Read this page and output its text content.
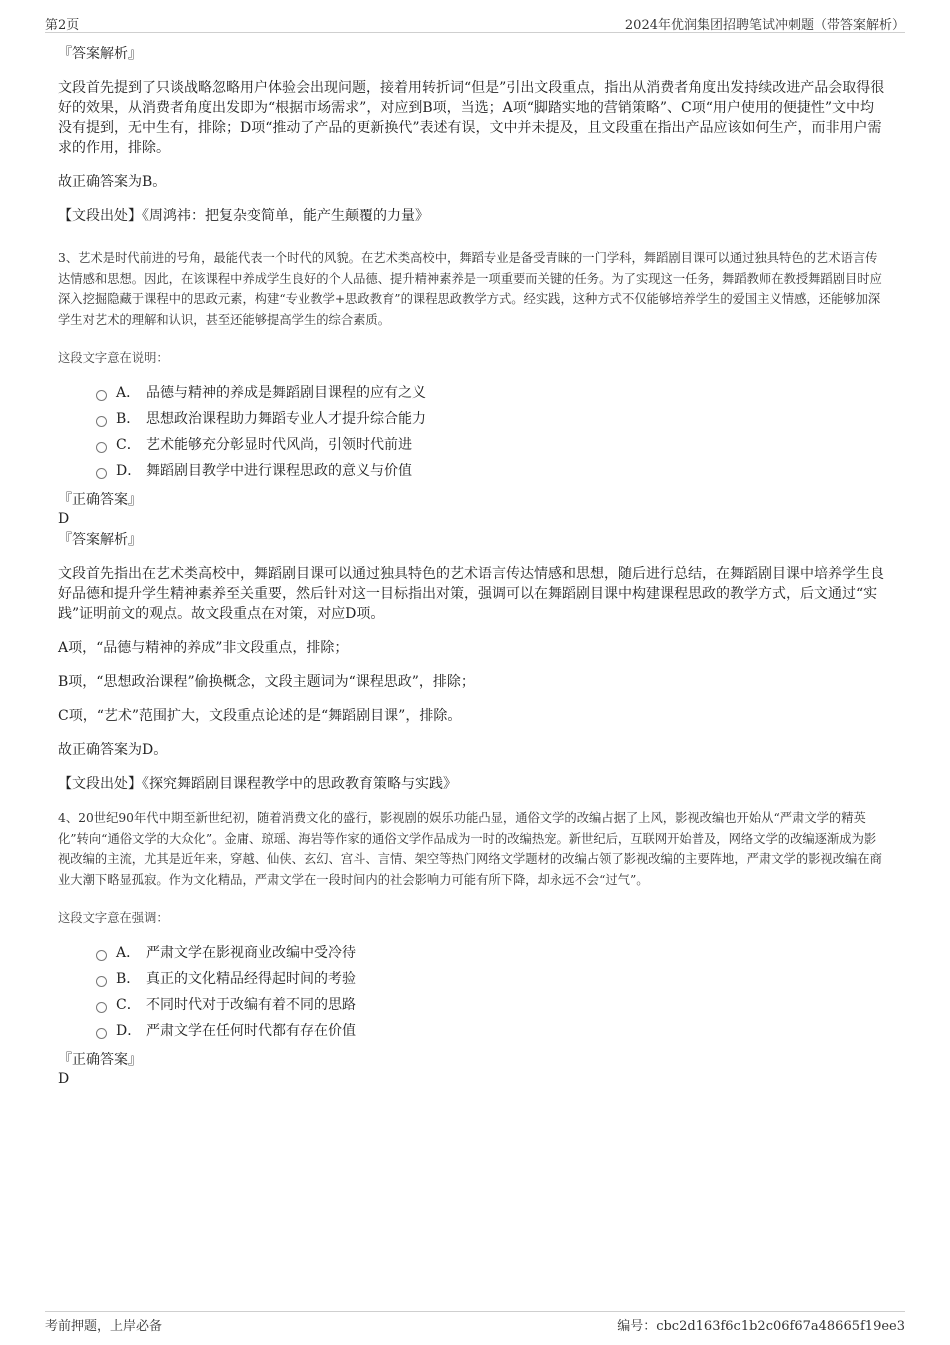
第2页	2024年优润集团招聘笔试冲刺题（带答案解析）

『答案解析』

文段首先提到了只谈战略忽略用户体验会出现问题，接着用转折词“但是”引出文段重点，指出从消费者角度出发持续改进产品会取得很好的效果，从消费者角度出发即为“根据市场需求”，对应到B项，当选；A项“脚踏实地的营销策略”、C项“用户使用的便捷性”文中均没有提到，无中生有，排除；D项“推动了产品的更新换代”表述有误，文中并未提及，且文段重在指出产品应该如何生产，而非用户需求的作用，排除。

故正确答案为B。

【文段出处】《周鸿祎：把复杂变简单，能产生颠覆的力量》

3、艺术是时代前进的号角，最能代表一个时代的风貌。在艺术类高校中，舞蹈专业是备受青睐的一门学科，舞蹈剧目课可以通过独具特色的艺术语言传达情感和思想。因此，在该课程中养成学生良好的个人品德、提升精神素养是一项重要而关键的任务。为了实现这一任务，舞蹈教师在教授舞蹈剧目时应深入挖掘隐藏于课程中的思政元素，构建“专业教学+思政教育”的课程思政教学方式。经实践，这种方式不仅能够培养学生的爱国主义情感，还能够加深学生对艺术的理解和认识，甚至还能够提高学生的综合素质。

这段文字意在说明：

A． 品德与精神的养成是舞蹈剧目课程的应有之义
B． 思想政治课程助力舞蹈专业人才提升综合能力
C． 艺术能够充分彰显时代风尚，引领时代前进
D． 舞蹈剧目教学中进行课程思政的意义与价值

『正确答案』

D

『答案解析』

文段首先指出在艺术类高校中，舞蹈剧目课可以通过独具特色的艺术语言传达情感和思想，随后进行总结，在舞蹈剧目课中培养学生良好品德和提升学生精神素养至关重要，然后针对这一目标指出对策，强调可以在舞蹈剧目课中构建课程思政的教学方式，后文通过“实践”证明前文的观点。故文段重点在对策，对应D项。

A项，“品德与精神的养成”非文段重点，排除；

B项，“思想政治课程”偷换概念，文段主题词为“课程思政”，排除；

C项，“艺术”范围扩大，文段重点论述的是“舞蹈剧目课”，排除。

故正确答案为D。

【文段出处】《探究舞蹈剧目课程教学中的思政教育策略与实践》

4、20世纪90年代中期至新世纪初，随着消费文化的盛行，影视剧的娱乐功能凸显，通俗文学的改编占据了上风，影视改编也开始从“严肃文学的精英化”转向“通俗文学的大众化”。金庸、琼瑶、海岩等作家的通俗文学作品成为一时的改编热宠。新世纪后，互联网开始普及，网络文学的改编逐渐成为影视改编的主流，尤其是近年来，穿越、仙侠、玄幻、宫斗、言情、架空等热门网络文学题材的改编占领了影视改编的主要阵地，严肃文学的影视改编在商业大潮下略显孤寂。作为文化精品，严肃文学在一段时间内的社会影响力可能有所下降，却永远不会“过气”。

这段文字意在强调：

A． 严肃文学在影视商业改编中受冷待
B． 真正的文化精品经得起时间的考验
C． 不同时代对于改编有着不同的思路
D． 严肃文学在任何时代都有存在价值

『正确答案』

D

考前押题，上岸必备	编号：cbc2d163f6c1b2c06f67a48665f19ee3
